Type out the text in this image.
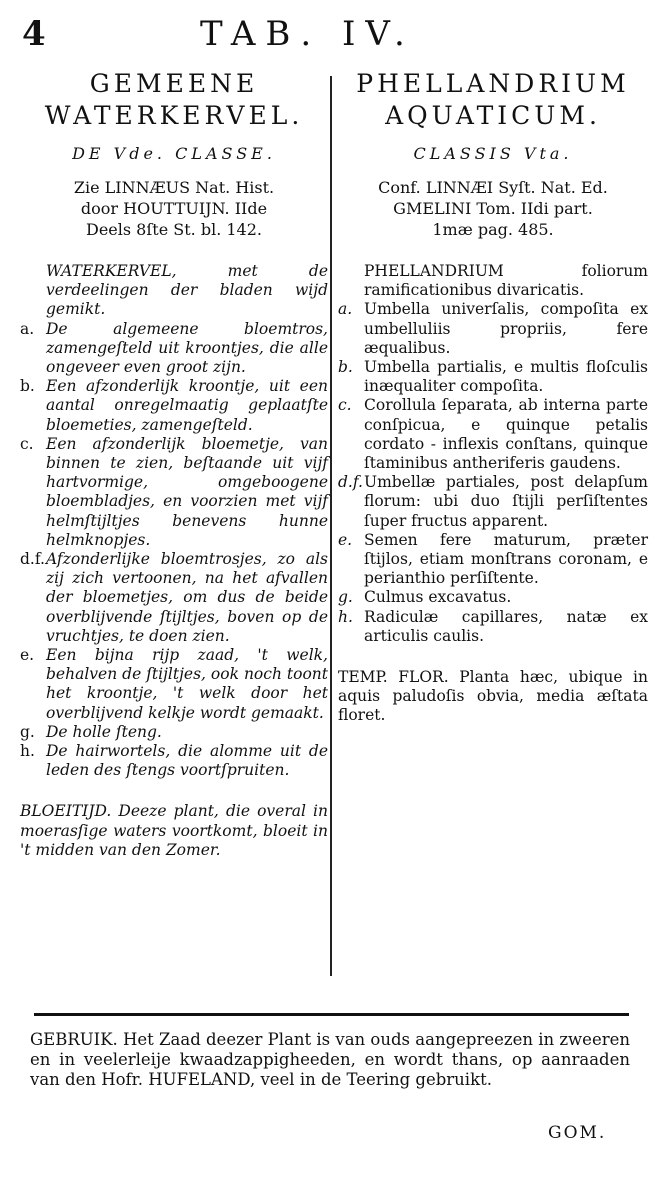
4	TAB. IV.
GEMEENE
WATERKERVEL.
DE Vde. CLASSE.
Zie LINNÆUS Nat. Hist.
door HOUTTUIJN. IIde
Deels 8ſte St. bl. 142.
WATERKERVEL, met de verdeelingen der bladen wijd gemikt.
a. De algemeene bloemtros, zamengeſteld uit kroontjes, die alle ongeveer even groot zijn.
b. Een afzonderlijk kroontje, uit een aantal onregelmaatig geplaatſte bloemeties, zamengeſteld.
c. Een afzonderlijk bloemetje, van binnen te zien, beſtaande uit vijf hartvormige, omgeboogene bloembladjes, en voorzien met vijf helmſtijltjes benevens hunne helmknopjes.
d.f. Afzonderlijke bloemtrosjes, zo als zij zich vertoonen, na het afvallen der bloemetjes, om dus de beide overblijvende ſtijltjes, boven op de vruchtjes, te doen zien.
e. Een bijna rijp zaad, 't welk, behalven de ſtijltjes, ook noch toont het kroontje, 't welk door het overblijvend kelkje wordt gemaakt.
g. De holle ſteng.
h. De hairwortels, die alomme uit de leden des ſtengs voortſpruiten.
BLOEITIJD. Deeze plant, die overal in moerasſige waters voortkomt, bloeit in 't midden van den Zomer.
PHELLANDRIUM
AQUATICUM.
CLASSIS Vta.
Conf. LINNÆI Syſt. Nat. Ed.
GMELINI Tom. IIdi part.
1mæ pag. 485.
PHELLANDRIUM foliorum ramificationibus divaricatis.
a. Umbella univerſalis, compoſita ex umbelluliis propriis, fere æqualibus.
b. Umbella partialis, e multis floſculis inæqualiter compoſita.
c. Corollula ſeparata, ab interna parte conſpicua, e quinque petalis cordato - inflexis conſtans, quinque ſtaminibus antheriferis gaudens.
d.f. Umbellæ partiales, post delapſum florum: ubi duo ſtijli perſiſtentes ſuper fructus apparent.
e. Semen fere maturum, præter ſtijlos, etiam monſtrans coronam, e perianthio perſiſtente.
g. Culmus excavatus.
h. Radiculæ capillares, natæ ex articulis caulis.
TEMP. FLOR. Planta hæc, ubique in aquis paludoſis obvia, media æſtata floret.
GEBRUIK. Het Zaad deezer Plant is van ouds aangepreezen in zweeren en in veelerleije kwaadzappigheeden, en wordt thans, op aanraaden van den Hofr. HUFELAND, veel in de Teering gebruikt.
GOM.
